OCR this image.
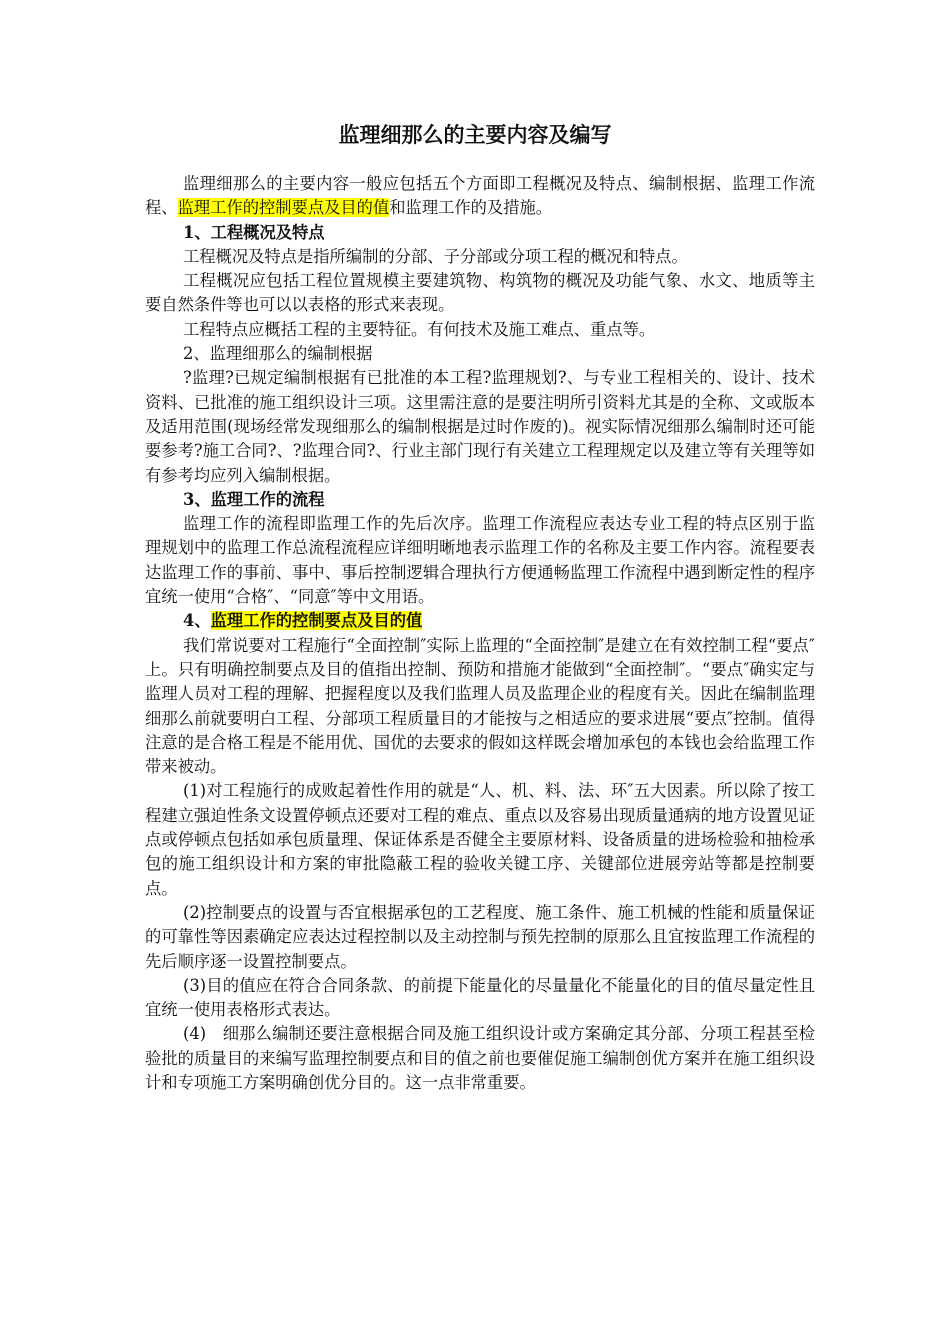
监理细那么的主要内容及编写

监理细那么的主要内容一般应包括五个方面即工程概况及特点、编制根据、监理工作流程、监理工作的控制要点及目的值和监理工作的及措施。

1、工程概况及特点

工程概况及特点是指所编制的分部、子分部或分项工程的概况和特点。

工程概况应包括工程位置规模主要建筑物、构筑物的概况及功能气象、水文、地质等主要自然条件等也可以以表格的形式来表现。

工程特点应概括工程的主要特征。有何技术及施工难点、重点等。

2、监理细那么的编制根据

?监理?已规定编制根据有已批准的本工程?监理规划?、与专业工程相关的、设计、技术资料、已批准的施工组织设计三项。这里需注意的是要注明所引资料尤其是的全称、文或版本及适用范围(现场经常发现细那么的编制根据是过时作废的)。视实际情况细那么编制时还可能要参考?施工合同?、?监理合同?、行业主部门现行有关建立工程理规定以及建立等有关理等如有参考均应列入编制根据。

3、监理工作的流程

监理工作的流程即监理工作的先后次序。监理工作流程应表达专业工程的特点区别于监理规划中的监理工作总流程流程应详细明晰地表示监理工作的名称及主要工作内容。流程要表达监理工作的事前、事中、事后控制逻辑合理执行方便通畅监理工作流程中遇到断定性的程序宜统一使用“合格″、“同意″等中文用语。

4、监理工作的控制要点及目的值

我们常说要对工程施行“全面控制″实际上监理的“全面控制″是建立在有效控制工程“要点″上。只有明确控制要点及目的值指出控制、预防和措施才能做到“全面控制″。“要点″确实定与监理人员对工程的理解、把握程度以及我们监理人员及监理企业的程度有关。因此在编制监理细那么前就要明白工程、分部项工程质量目的才能按与之相适应的要求进展“要点″控制。值得注意的是合格工程是不能用优、国优的去要求的假如这样既会增加承包的本钱也会给监理工作带来被动。

(1)对工程施行的成败起着性作用的就是“人、机、料、法、环″五大因素。所以除了按工程建立强迫性条文设置停顿点还要对工程的难点、重点以及容易出现质量通病的地方设置见证点或停顿点包括如承包质量理、保证体系是否健全主要原材料、设备质量的进场检验和抽检承包的施工组织设计和方案的审批隐蔽工程的验收关键工序、关键部位进展旁站等都是控制要点。

(2)控制要点的设置与否宜根据承包的工艺程度、施工条件、施工机械的性能和质量保证的可靠性等因素确定应表达过程控制以及主动控制与预先控制的原那么且宜按监理工作流程的先后顺序逐一设置控制要点。

(3)目的值应在符合合同条款、的前提下能量化的尽量量化不能量化的目的值尽量定性且宜统一使用表格形式表达。

(4)　细那么编制还要注意根据合同及施工组织设计或方案确定其分部、分项工程甚至检验批的质量目的来编写监理控制要点和目的值之前也要催促施工编制创优方案并在施工组织设计和专项施工方案明确创优分目的。这一点非常重要。
